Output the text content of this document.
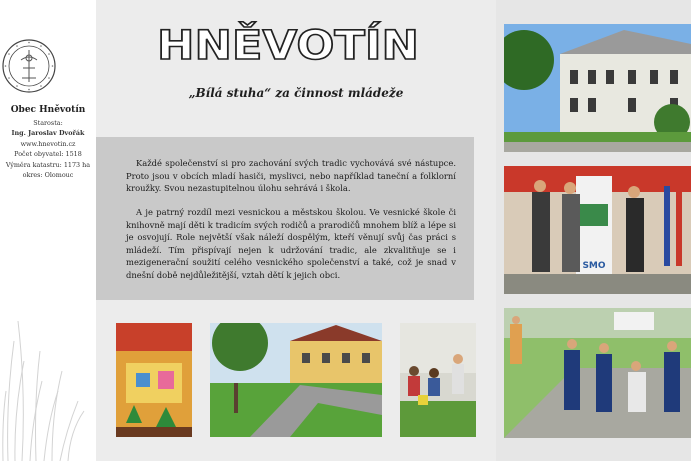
Obec Hněvotín
Starosta:
Ing. Jaroslav Dvořák
www.hnevotin.cz
Počet obyvatel: 1518
Výměra katastru: 1173 ha
okres: Olomouc
HNĚVOTÍN
„Bílá stuha“ za činnost mládeže

Každé společenství si pro zachování svých tradic vychovává své nástupce. Proto jsou v obcích mladí hasiči, myslivci, nebo například taneční a folklorní kroužky. Svou nezastupitelnou úlohu sehrává i škola.

A je patrný rozdíl mezi vesnickou a městskou školou. Ve vesnické škole či knihovně mají děti k tradicím svých rodičů a prarodičů mnohem blíž a lépe si je osvojují. Role největší však náleží dospělým, kteří věnují svůj čas práci s mládeží. Tím přispívají nejen k udržování tradic, ale zkvalitňuje se i mezigenerační soužití celého vesnického společenství a také, což je snad v dnešní době nejdůležitější, vztah dětí k jejich obci.

SMO
